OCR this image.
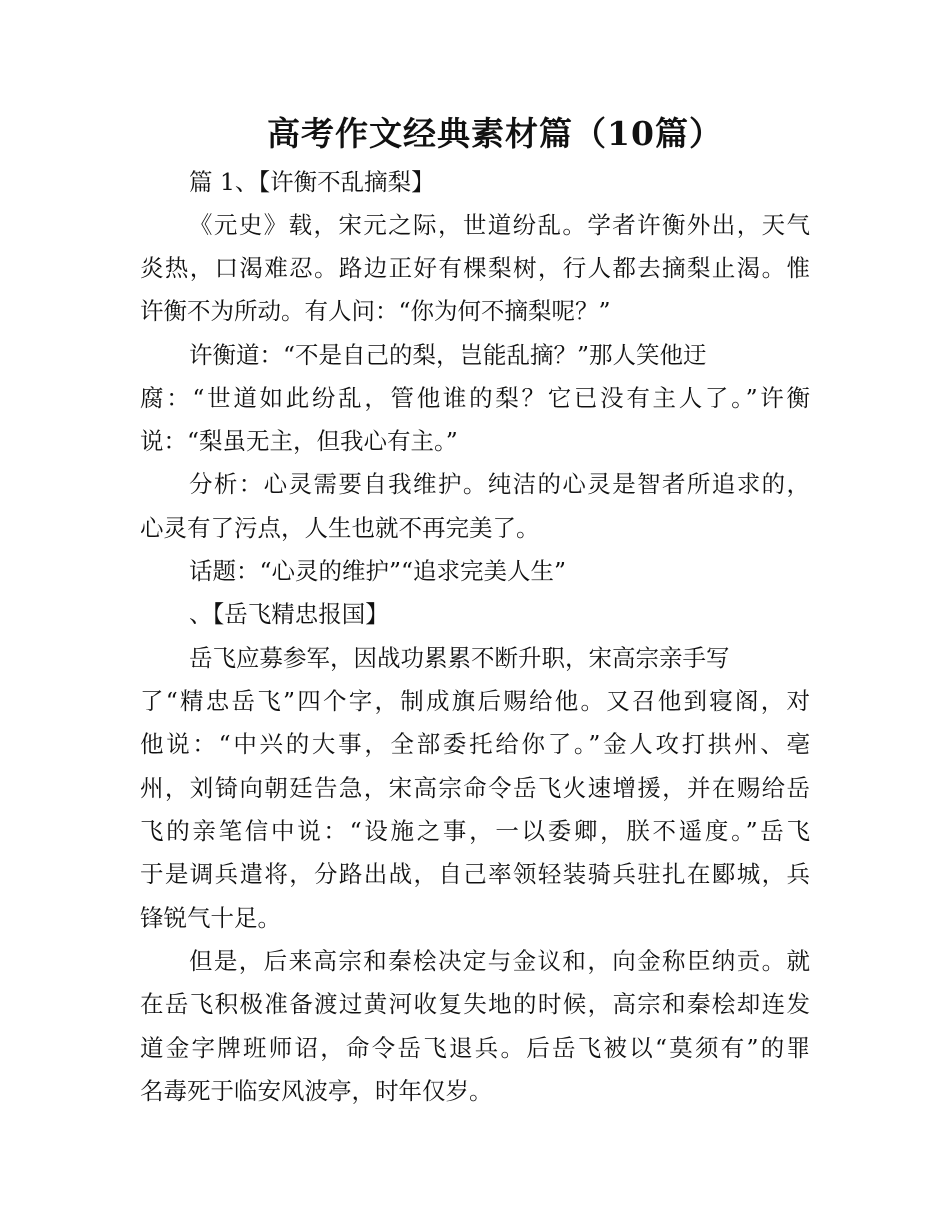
高考作文经典素材篇（10篇）
篇 1、【许衡不乱摘梨】
《元史》载，宋元之际，世道纷乱。学者许衡外出，天气
炎热，口渴难忍。路边正好有棵梨树，行人都去摘梨止渴。惟
许衡不为所动。有人问：“你为何不摘梨呢？”
许衡道：“不是自己的梨，岂能乱摘？”那人笑他迂
腐：“世道如此纷乱，管他谁的梨？它已没有主人了。”许衡
说：“梨虽无主，但我心有主。”
分析：心灵需要自我维护。纯洁的心灵是智者所追求的，
心灵有了污点，人生也就不再完美了。
话题：“心灵的维护”“追求完美人生”
、【岳飞精忠报国】
岳飞应募参军，因战功累累不断升职，宋高宗亲手写
了“精忠岳飞”四个字，制成旗后赐给他。又召他到寝阁，对
他说：“中兴的大事，全部委托给你了。”金人攻打拱州、亳
州，刘锜向朝廷告急，宋高宗命令岳飞火速增援，并在赐给岳
飞的亲笔信中说：“设施之事，一以委卿，朕不遥度。”岳飞
于是调兵遣将，分路出战，自己率领轻装骑兵驻扎在郾城，兵
锋锐气十足。
但是，后来高宗和秦桧决定与金议和，向金称臣纳贡。就
在岳飞积极准备渡过黄河收复失地的时候，高宗和秦桧却连发
道金字牌班师诏，命令岳飞退兵。后岳飞被以“莫须有”的罪
名毒死于临安风波亭，时年仅岁。
